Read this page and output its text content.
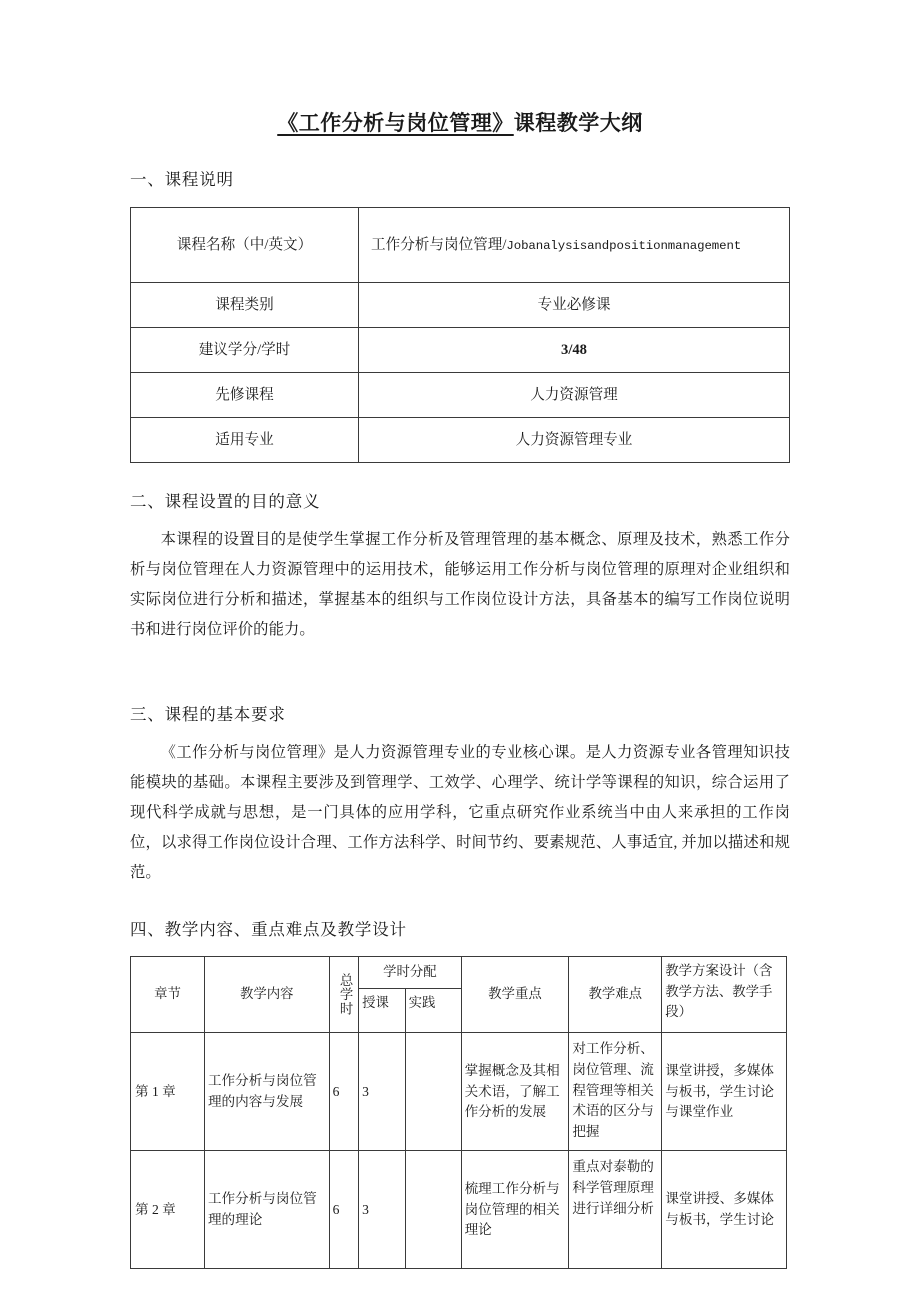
《工作分析与岗位管理》课程教学大纲
一、课程说明
课程名称（中/英文）	工作分析与岗位管理/Jobanalysisandpositionmanagement
课程类别	专业必修课
建议学分/学时	3/48
先修课程	人力资源管理
适用专业	人力资源管理专业
二、课程设置的目的意义

本课程的设置目的是使学生掌握工作分析及管理管理的基本概念、原理及技术，熟悉工作分析与岗位管理在人力资源管理中的运用技术，能够运用工作分析与岗位管理的原理对企业组织和实际岗位进行分析和描述，掌握基本的组织与工作岗位设计方法，具备基本的编写工作岗位说明书和进行岗位评价的能力。

三、课程的基本要求

《工作分析与岗位管理》是人力资源管理专业的专业核心课。是人力资源专业各管理知识技能模块的基础。本课程主要涉及到管理学、工效学、心理学、统计学等课程的知识，综合运用了现代科学成就与思想，是一门具体的应用学科，它重点研究作业系统当中由人来承担的工作岗位，以求得工作岗位设计合理、工作方法科学、时间节约、要素规范、人事适宜, 并加以描述和规范。

四、教学内容、重点难点及教学设计
章节	教学内容	总学时	学时分配		教学重点	教学难点	教学方案设计（含教学方法、教学手段）
			授课	实践			
第 1 章	工作分析与岗位管理的内容与发展	6	3		掌握概念及其相关术语，了解工作分析的发展	对工作分析、岗位管理、流程管理等相关术语的区分与把握	课堂讲授，多媒体与板书，学生讨论与课堂作业
第 2 章	工作分析与岗位管理的理论	6	3		梳理工作分析与岗位管理的相关理论	重点对泰勒的科学管理原理进行详细分析	课堂讲授、多媒体与板书，学生讨论
